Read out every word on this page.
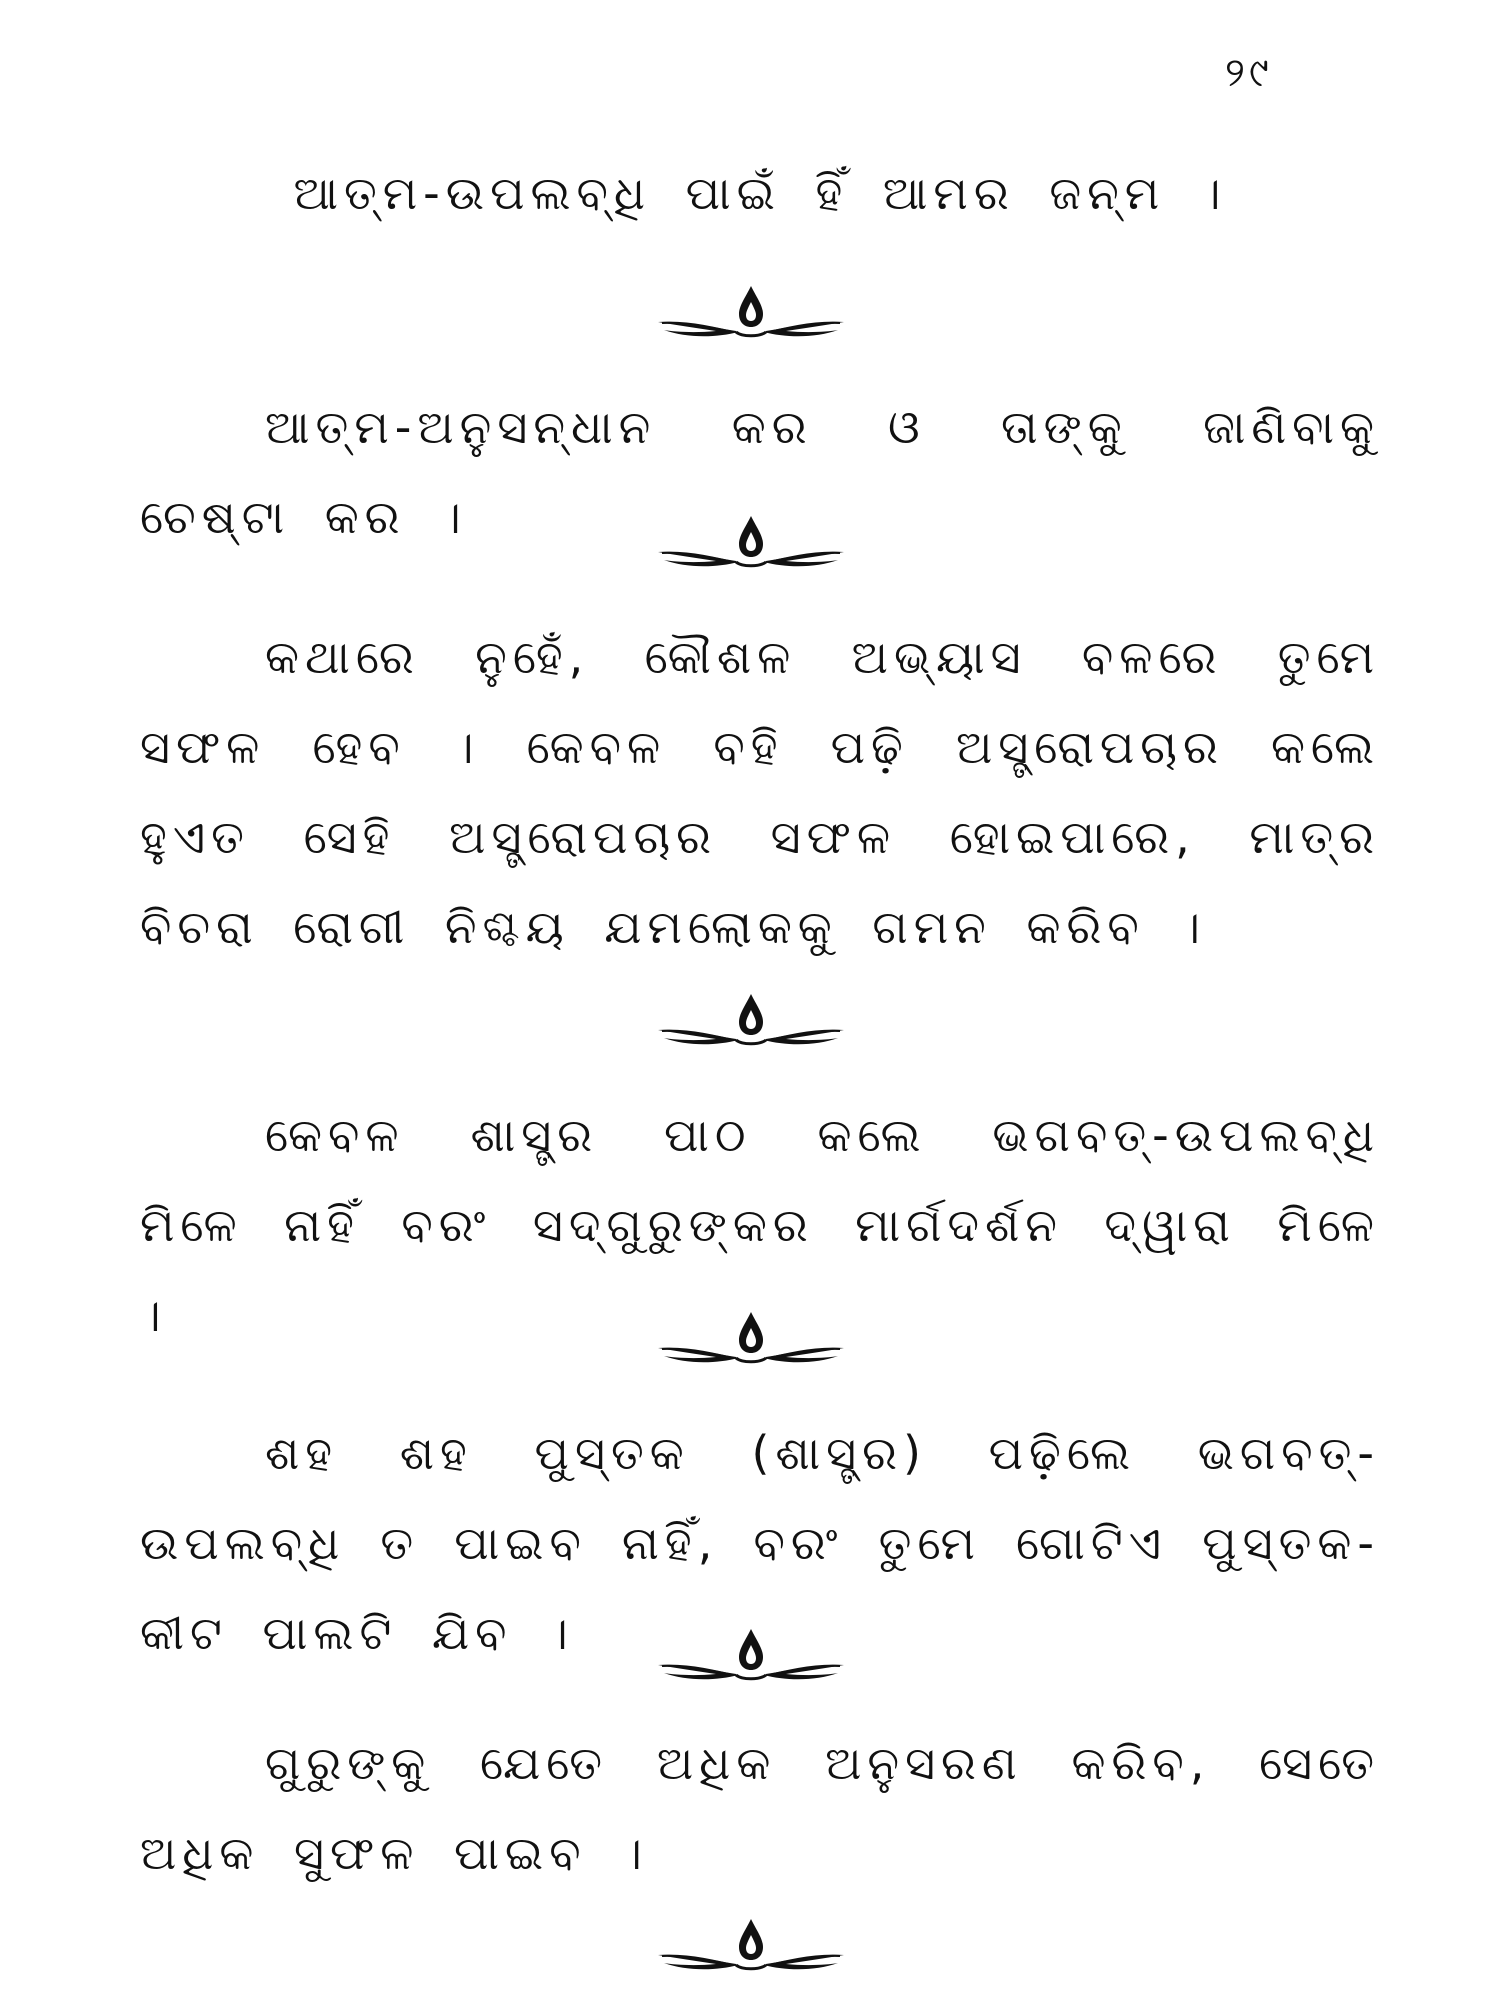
୨୯

ଆତ୍ମ-ଉପଲବ୍ଧି ପାଇଁ ହିଁ ଆମର ଜନ୍ମ ।

ଆତ୍ମ-ଅନୁସନ୍ଧାନ କର ଓ ତାଙ୍କୁ ଜାଣିବାକୁ ଚେଷ୍ଟା କର ।

କଥାରେ ନୁହେଁ, କୌଶଳ ଅଭ୍ୟାସ ବଳରେ ତୁମେ ସଫଳ ହେବ । କେବଳ ବହି ପଢ଼ି ଅସ୍ତ୍ରୋପଚାର କଲେ ହୁଏତ ସେହି ଅସ୍ତ୍ରୋପଚାର ସଫଳ ହୋଇପାରେ, ମାତ୍ର ବିଚରା ରୋଗୀ ନିଶ୍ଚୟ ଯମଲୋକକୁ ଗମନ କରିବ ।

କେବଳ ଶାସ୍ତ୍ର ପାଠ କଲେ ଭଗବତ୍-ଉପଲବ୍ଧି ମିଳେ ନାହିଁ ବରଂ ସଦ୍‌ଗୁରୁଙ୍କର ମାର୍ଗଦର୍ଶନ ଦ୍ୱାରା ମିଳେ ।

ଶହ ଶହ ପୁସ୍ତକ (ଶାସ୍ତ୍ର) ପଢ଼ିଲେ ଭଗବତ୍-ଉପଲବ୍ଧି ତ ପାଇବ ନାହିଁ, ବରଂ ତୁମେ ଗୋଟିଏ ପୁସ୍ତକ-କୀଟ ପାଲଟି ଯିବ ।

ଗୁରୁଙ୍କୁ ଯେତେ ଅଧିକ ଅନୁସରଣ କରିବ, ସେତେ ଅଧିକ ସୁଫଳ ପାଇବ ।
